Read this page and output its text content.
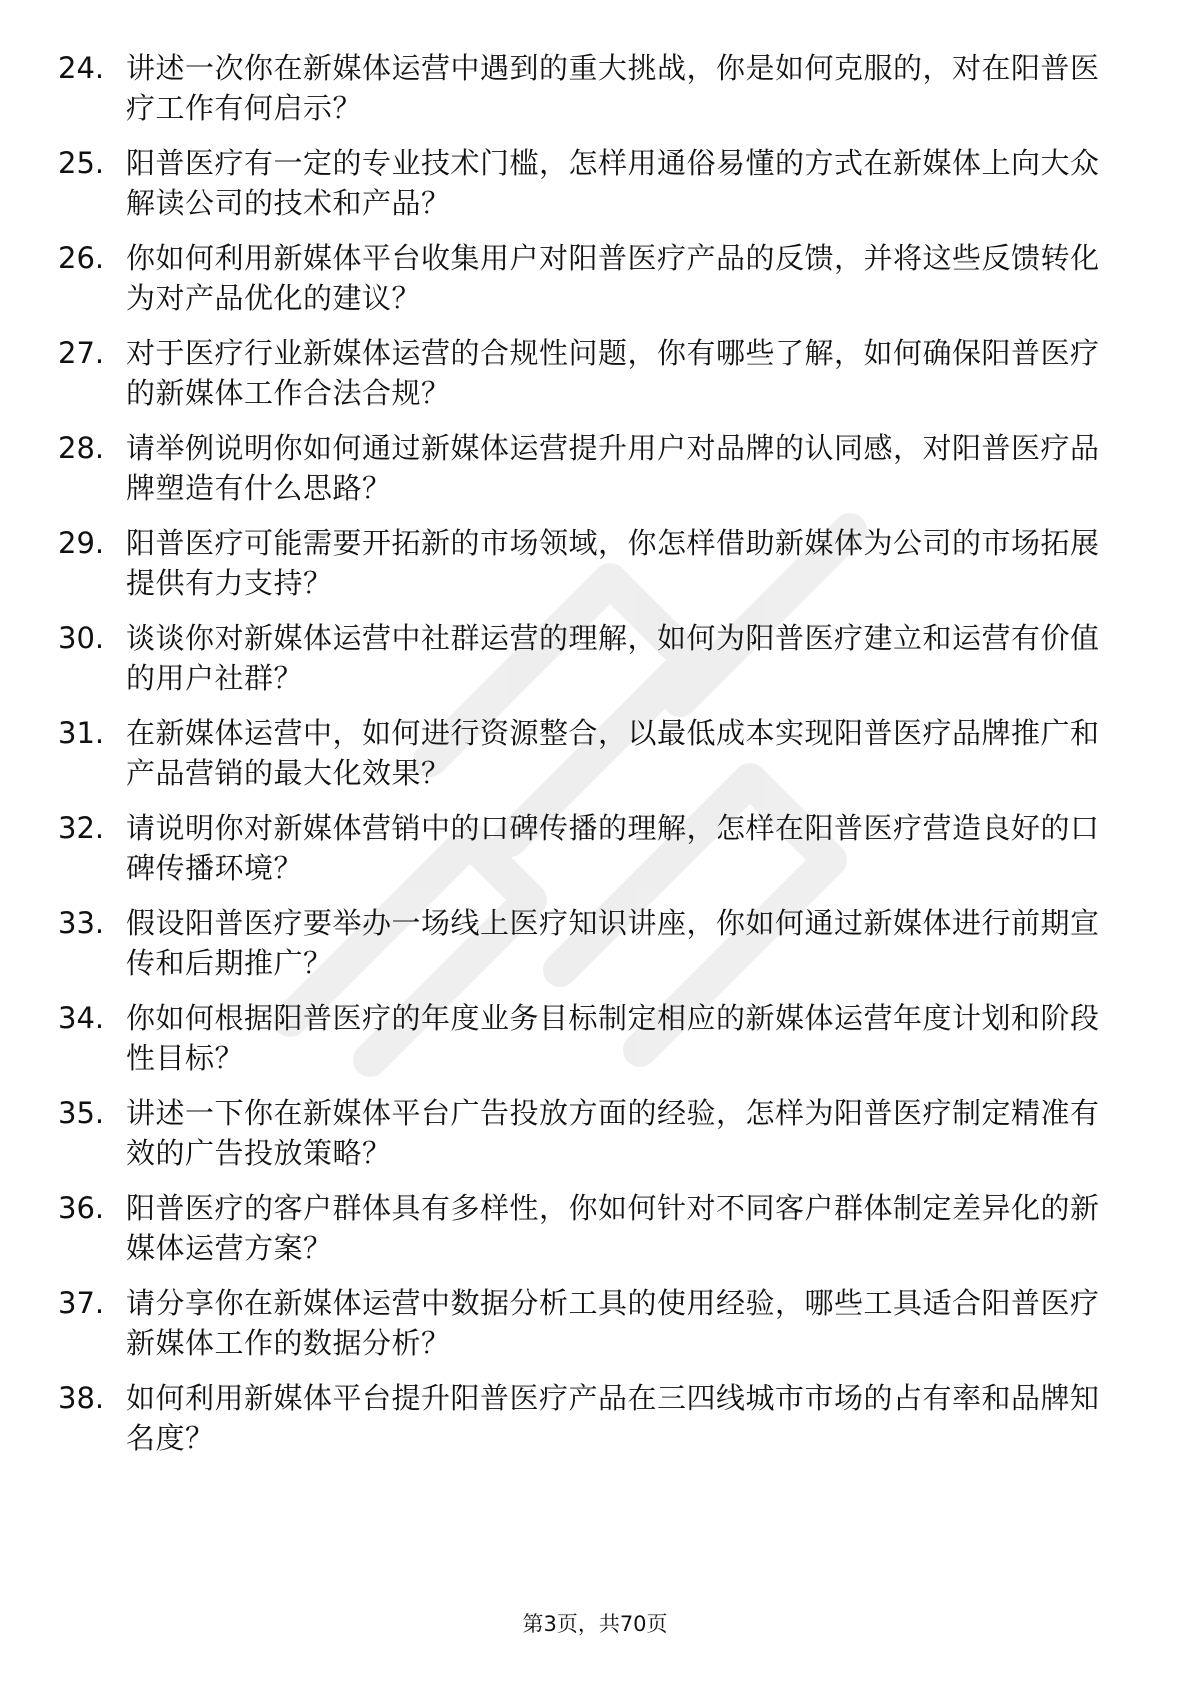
24. 讲述一次你在新媒体运营中遇到的重大挑战，你是如何克服的，对在阳普医疗工作有何启示？
25. 阳普医疗有一定的专业技术门槛，怎样用通俗易懂的方式在新媒体上向大众解读公司的技术和产品？
26. 你如何利用新媒体平台收集用户对阳普医疗产品的反馈，并将这些反馈转化为对产品优化的建议？
27. 对于医疗行业新媒体运营的合规性问题，你有哪些了解，如何确保阳普医疗的新媒体工作合法合规？
28. 请举例说明你如何通过新媒体运营提升用户对品牌的认同感，对阳普医疗品牌塑造有什么思路？
29. 阳普医疗可能需要开拓新的市场领域，你怎样借助新媒体为公司的市场拓展提供有力支持？
30. 谈谈你对新媒体运营中社群运营的理解，如何为阳普医疗建立和运营有价值的用户社群？
31. 在新媒体运营中，如何进行资源整合，以最低成本实现阳普医疗品牌推广和产品营销的最大化效果？
32. 请说明你对新媒体营销中的口碑传播的理解，怎样在阳普医疗营造良好的口碑传播环境？
33. 假设阳普医疗要举办一场线上医疗知识讲座，你如何通过新媒体进行前期宣传和后期推广？
34. 你如何根据阳普医疗的年度业务目标制定相应的新媒体运营年度计划和阶段性目标？
35. 讲述一下你在新媒体平台广告投放方面的经验，怎样为阳普医疗制定精准有效的广告投放策略？
36. 阳普医疗的客户群体具有多样性，你如何针对不同客户群体制定差异化的新媒体运营方案？
37. 请分享你在新媒体运营中数据分析工具的使用经验，哪些工具适合阳普医疗新媒体工作的数据分析？
38. 如何利用新媒体平台提升阳普医疗产品在三四线城市市场的占有率和品牌知名度？
第3页，共70页
